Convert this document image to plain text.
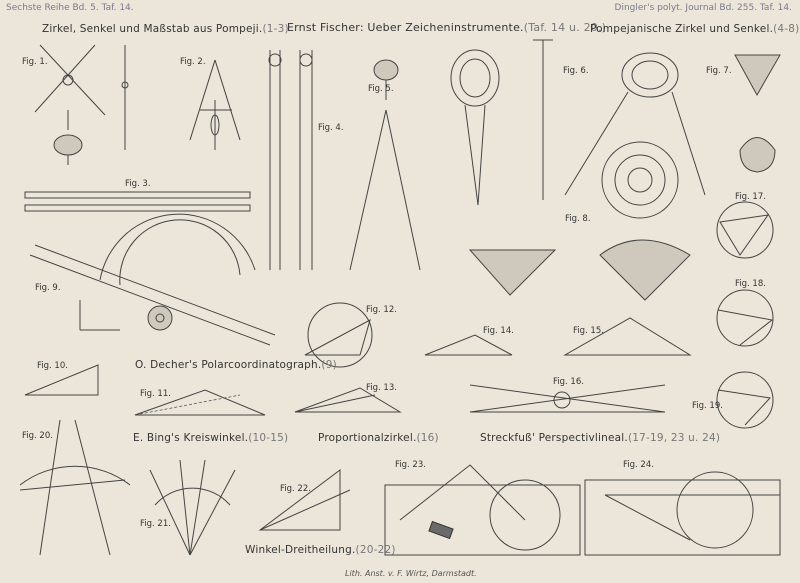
Sechste Reihe Bd. 5. Taf. 14.	Dingler's polyt. Journal Bd. 255. Taf. 14.
Zirkel, Senkel und Maßstab aus Pompeji.(1-3)
Ernst Fischer: Ueber Zeicheninstrumente.(Taf. 14 u. 20.)
Pompejanische Zirkel und Senkel.(4-8)
O. Decher's Polarcoordinatograph.(9)
E. Bing's Kreiswinkel.(10-15)	Proportionalzirkel.(16)	Streckfuß' Perspectivlineal.(17-19, 23 u. 24)
Winkel-Dreitheilung.(20-22)
Fig. 1.	Fig. 2.
Fig. 3.
Fig. 4.
Fig. 5.
Fig. 6.	Fig. 7.
Fig. 8.
Fig. 9.
Fig. 10.
Fig. 11.
Fig. 12.
Fig. 13.
Fig. 14.	Fig. 15.
Fig. 16.
Fig. 17.
Fig. 18.
Fig. 19.
Fig. 20.
Fig. 21.
Fig. 22.
Fig. 23.	Fig. 24.
Lith. Anst. v. F. Wirtz, Darmstadt.
